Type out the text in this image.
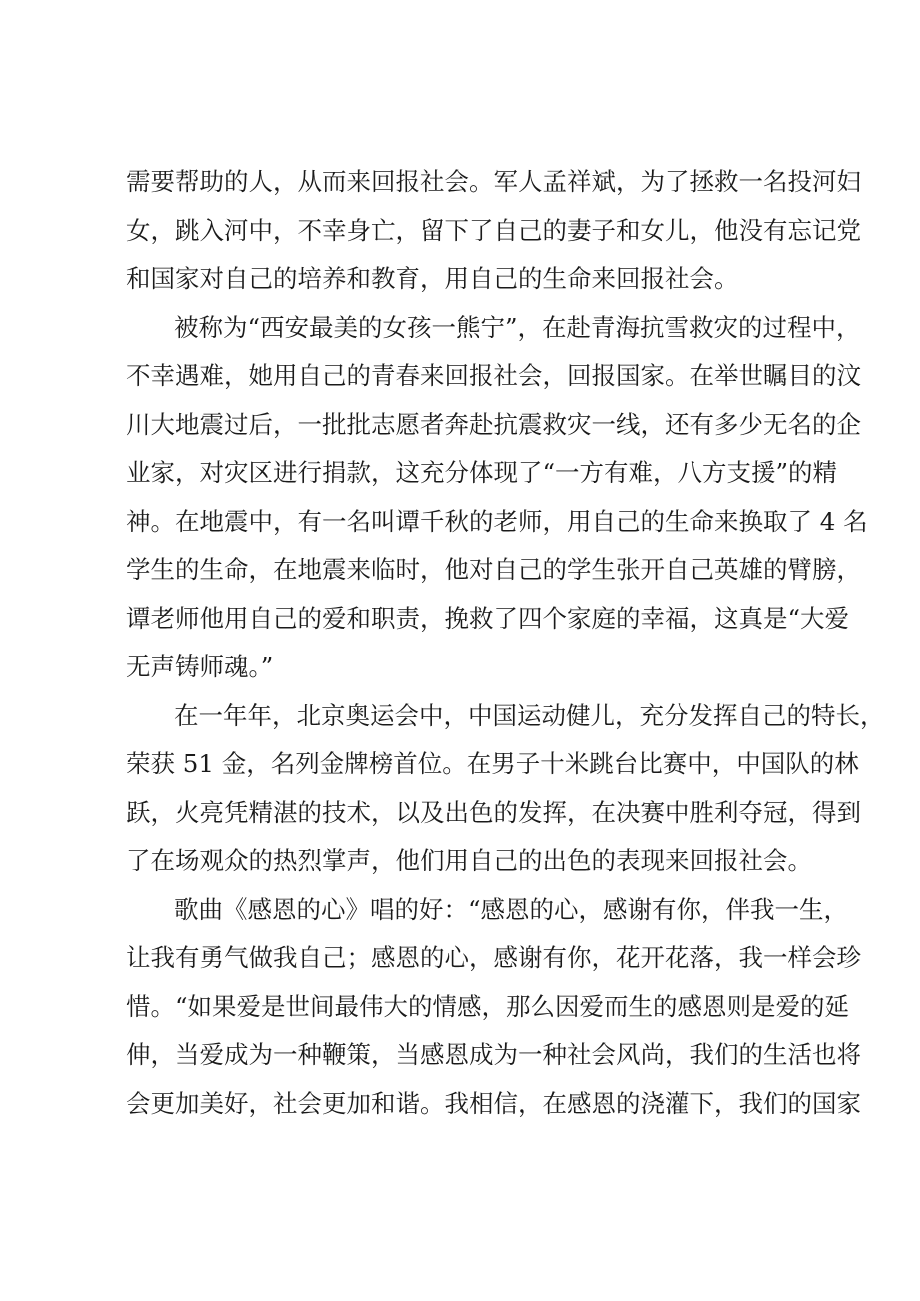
需要帮助的人，从而来回报社会。军人孟祥斌，为了拯救一名投河妇
女，跳入河中，不幸身亡，留下了自己的妻子和女儿，他没有忘记党
和国家对自己的培养和教育，用自己的生命来回报社会。
被称为“西安最美的女孩一熊宁”，在赴青海抗雪救灾的过程中，
不幸遇难，她用自己的青春来回报社会，回报国家。在举世瞩目的汶
川大地震过后，一批批志愿者奔赴抗震救灾一线，还有多少无名的企
业家，对灾区进行捐款，这充分体现了“一方有难，八方支援”的精
神。在地震中，有一名叫谭千秋的老师，用自己的生命来换取了 4 名
学生的生命，在地震来临时，他对自己的学生张开自己英雄的臂膀，
谭老师他用自己的爱和职责，挽救了四个家庭的幸福，这真是“大爱
无声铸师魂。”
在一年年，北京奥运会中，中国运动健儿，充分发挥自己的特长，
荣获 51 金，名列金牌榜首位。在男子十米跳台比赛中，中国队的林
跃，火亮凭精湛的技术，以及出色的发挥，在决赛中胜利夺冠，得到
了在场观众的热烈掌声，他们用自己的出色的表现来回报社会。
歌曲《感恩的心》唱的好：“感恩的心，感谢有你，伴我一生，
让我有勇气做我自己；感恩的心，感谢有你，花开花落，我一样会珍
惜。“如果爱是世间最伟大的情感，那么因爱而生的感恩则是爱的延
伸，当爱成为一种鞭策，当感恩成为一种社会风尚，我们的生活也将
会更加美好，社会更加和谐。我相信，在感恩的浇灌下，我们的国家
